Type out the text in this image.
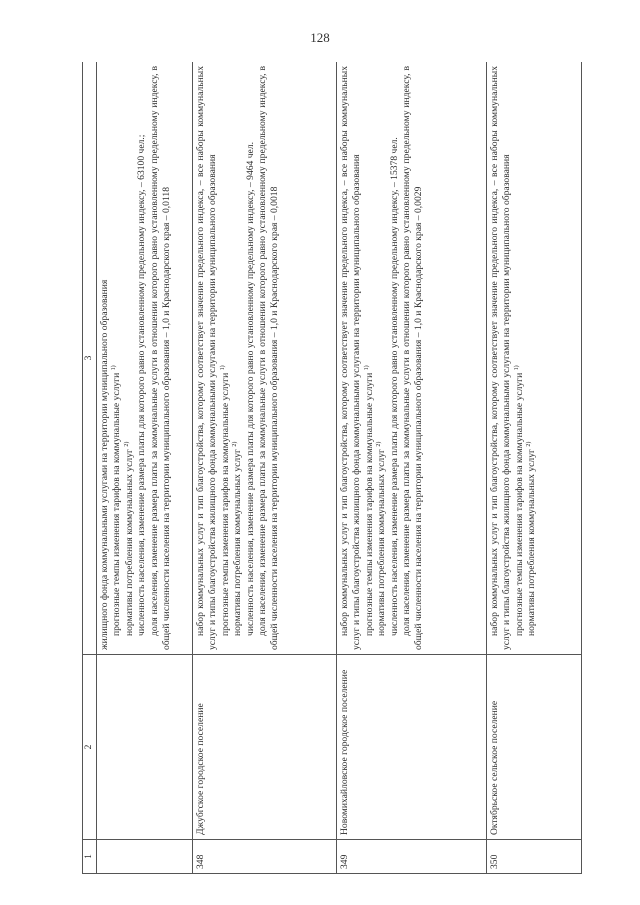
128
1	2	3

		жилищного фонда коммунальными услугами на территории муниципального образования прогнозные темпы изменения тарифов на коммунальные услуги $^{1)}$

нормативы потребления коммунальных услуг $^{2)}$ численность населения, изменение размера платы для которого равно установленному предельному индексу, – 63100 чел.; доля населения, изменение размера платы за коммунальные услуги в отношении которого равно установленному предельному индексу, в общей численности населения на территории муниципального образования – 1,0 и Краснодарского края – 0,0118

348	Джубгское городское поселение	набор коммунальных услуг и тип благоустройства, которому соответствует значение предельного индекса, – все наборы коммунальных услуг и типы благоустройства жилищного фонда коммунальными услугами на территории муниципального образования прогнозные темпы изменения тарифов на коммунальные услуги $^{1)}$

нормативы потребления коммунальных услуг $^{2)}$ численность населения, изменение размера платы для которого равно установленному предельному индексу, – 9464 чел. доля населения, изменение размера платы за коммунальные услуги в отношении которого равно установленному предельному индексу, в общей численности населения на территории муниципального образования – 1,0 и Краснодарского края – 0,0018

349	Новомихайловское городское поселение	набор коммунальных услуг и тип благоустройства, которому соответствует значение предельного индекса, – все наборы коммунальных услуг и типы благоустройства жилищного фонда коммунальными услугами на территории муниципального образования прогнозные темпы изменения тарифов на коммунальные услуги $^{1)}$

нормативы потребления коммунальных услуг $^{2)}$ численность населения, изменение размера платы для которого равно установленному предельному индексу, – 15378 чел. доля населения, изменение размера платы за коммунальные услуги в отношении которого равно установленному предельному индексу, в общей численности населения на территории муниципального образования – 1,0 и Краснодарского края – 0,0029

350	Октябрьское сельское поселение	набор коммунальных услуг и тип благоустройства, которому соответствует значение предельного индекса, – все наборы коммунальных услуг и типы благоустройства жилищного фонда коммунальными услугами на территории муниципального образования прогнозные темпы изменения тарифов на коммунальные услуги $^{1)}$

нормативы потребления коммунальных услуг $^{2)}$
